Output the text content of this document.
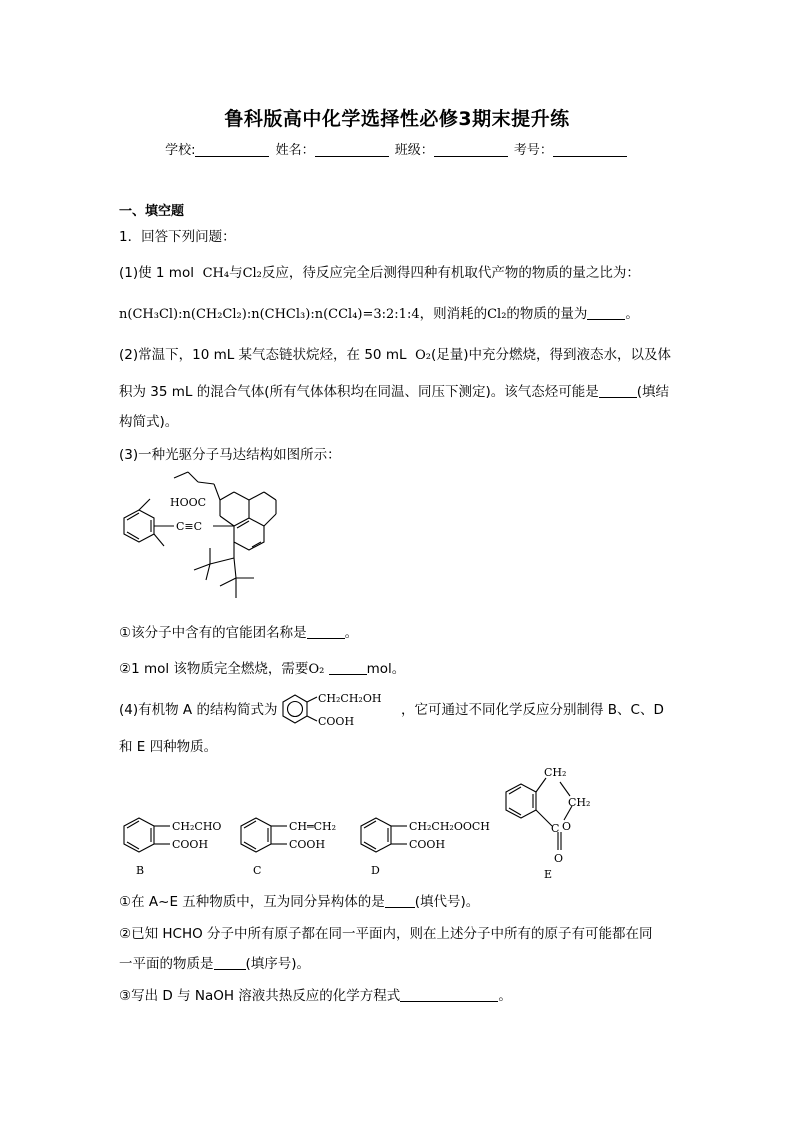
鲁科版高中化学选择性必修3期末提升练
学校:	姓名：	班级：	考号：
一、填空题
1．回答下列问题：
(1)使 1 mol CH₄与Cl₂反应，待反应完全后测得四种有机取代产物的物质的量之比为：
n(CH₃Cl):n(CH₂Cl₂):n(CHCl₃):n(CCl₄)=3:2:1:4，则消耗的Cl₂的物质的量为	。
(2)常温下，10 mL 某气态链状烷烃，在 50 mL O₂(足量)中充分燃烧，得到液态水，以及体
积为 35 mL 的混合气体(所有气体体积均在同温、同压下测定)。该气态烃可能是	(填结
构简式)。
(3)一种光驱分子马达结构如图所示：
HOOC
C≡C
①该分子中含有的官能团名称是	。
②1 mol 该物质完全燃烧，需要O₂	mol。
(4)有机物 A 的结构简式为
CH₂CH₂OH
COOH
，它可通过不同化学反应分别制得 B、C、D
和 E 四种物质。
CH₂CHO
COOH
B
CH═CH₂
COOH
C
CH₂CH₂OOCH
COOH
D
CH₂
CH₂
O
C
O
E
①在 A~E 五种物质中，互为同分异构体的是 (填代号)。
②已知 HCHO 分子中所有原子都在同一平面内，则在上述分子中所有的原子有可能都在同
一平面的物质是 (填序号)。
③写出 D 与 NaOH 溶液共热反应的化学方程式	。
